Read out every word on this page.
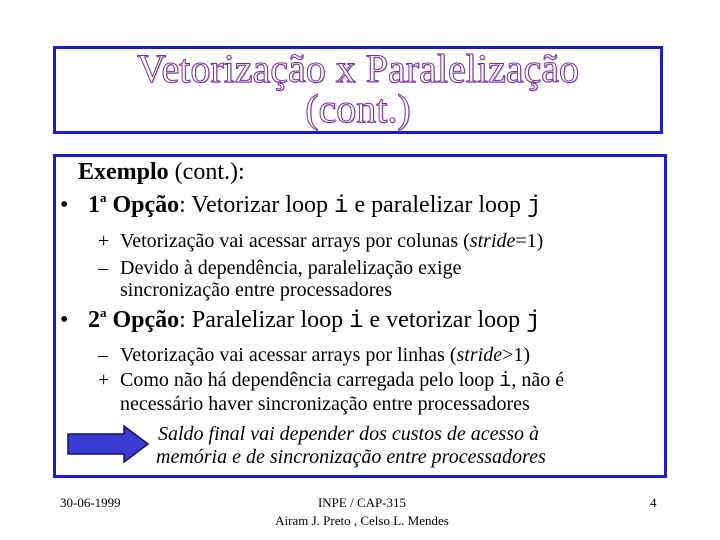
Vetorização x Paralelização
(cont.)
Exemplo (cont.):
• 1$^a$ Opção: Vetorizar loop i e paralelizar loop j
+ Vetorização vai acessar arrays por colunas (stride=1)
– Devido à dependência, paralelização exige
sincronização entre processadores
• 2$^a$ Opção: Paralelizar loop i e vetorizar loop j
– Vetorização vai acessar arrays por linhas (stride>1)
+ Como não há dependência carregada pelo loop i, não é
necessário haver sincronização entre processadores
Saldo final vai depender dos custos de acesso à
memória e de sincronização entre processadores
30-06-1999	INPE / CAP-315
Airam J. Preto , Celso L. Mendes
4
